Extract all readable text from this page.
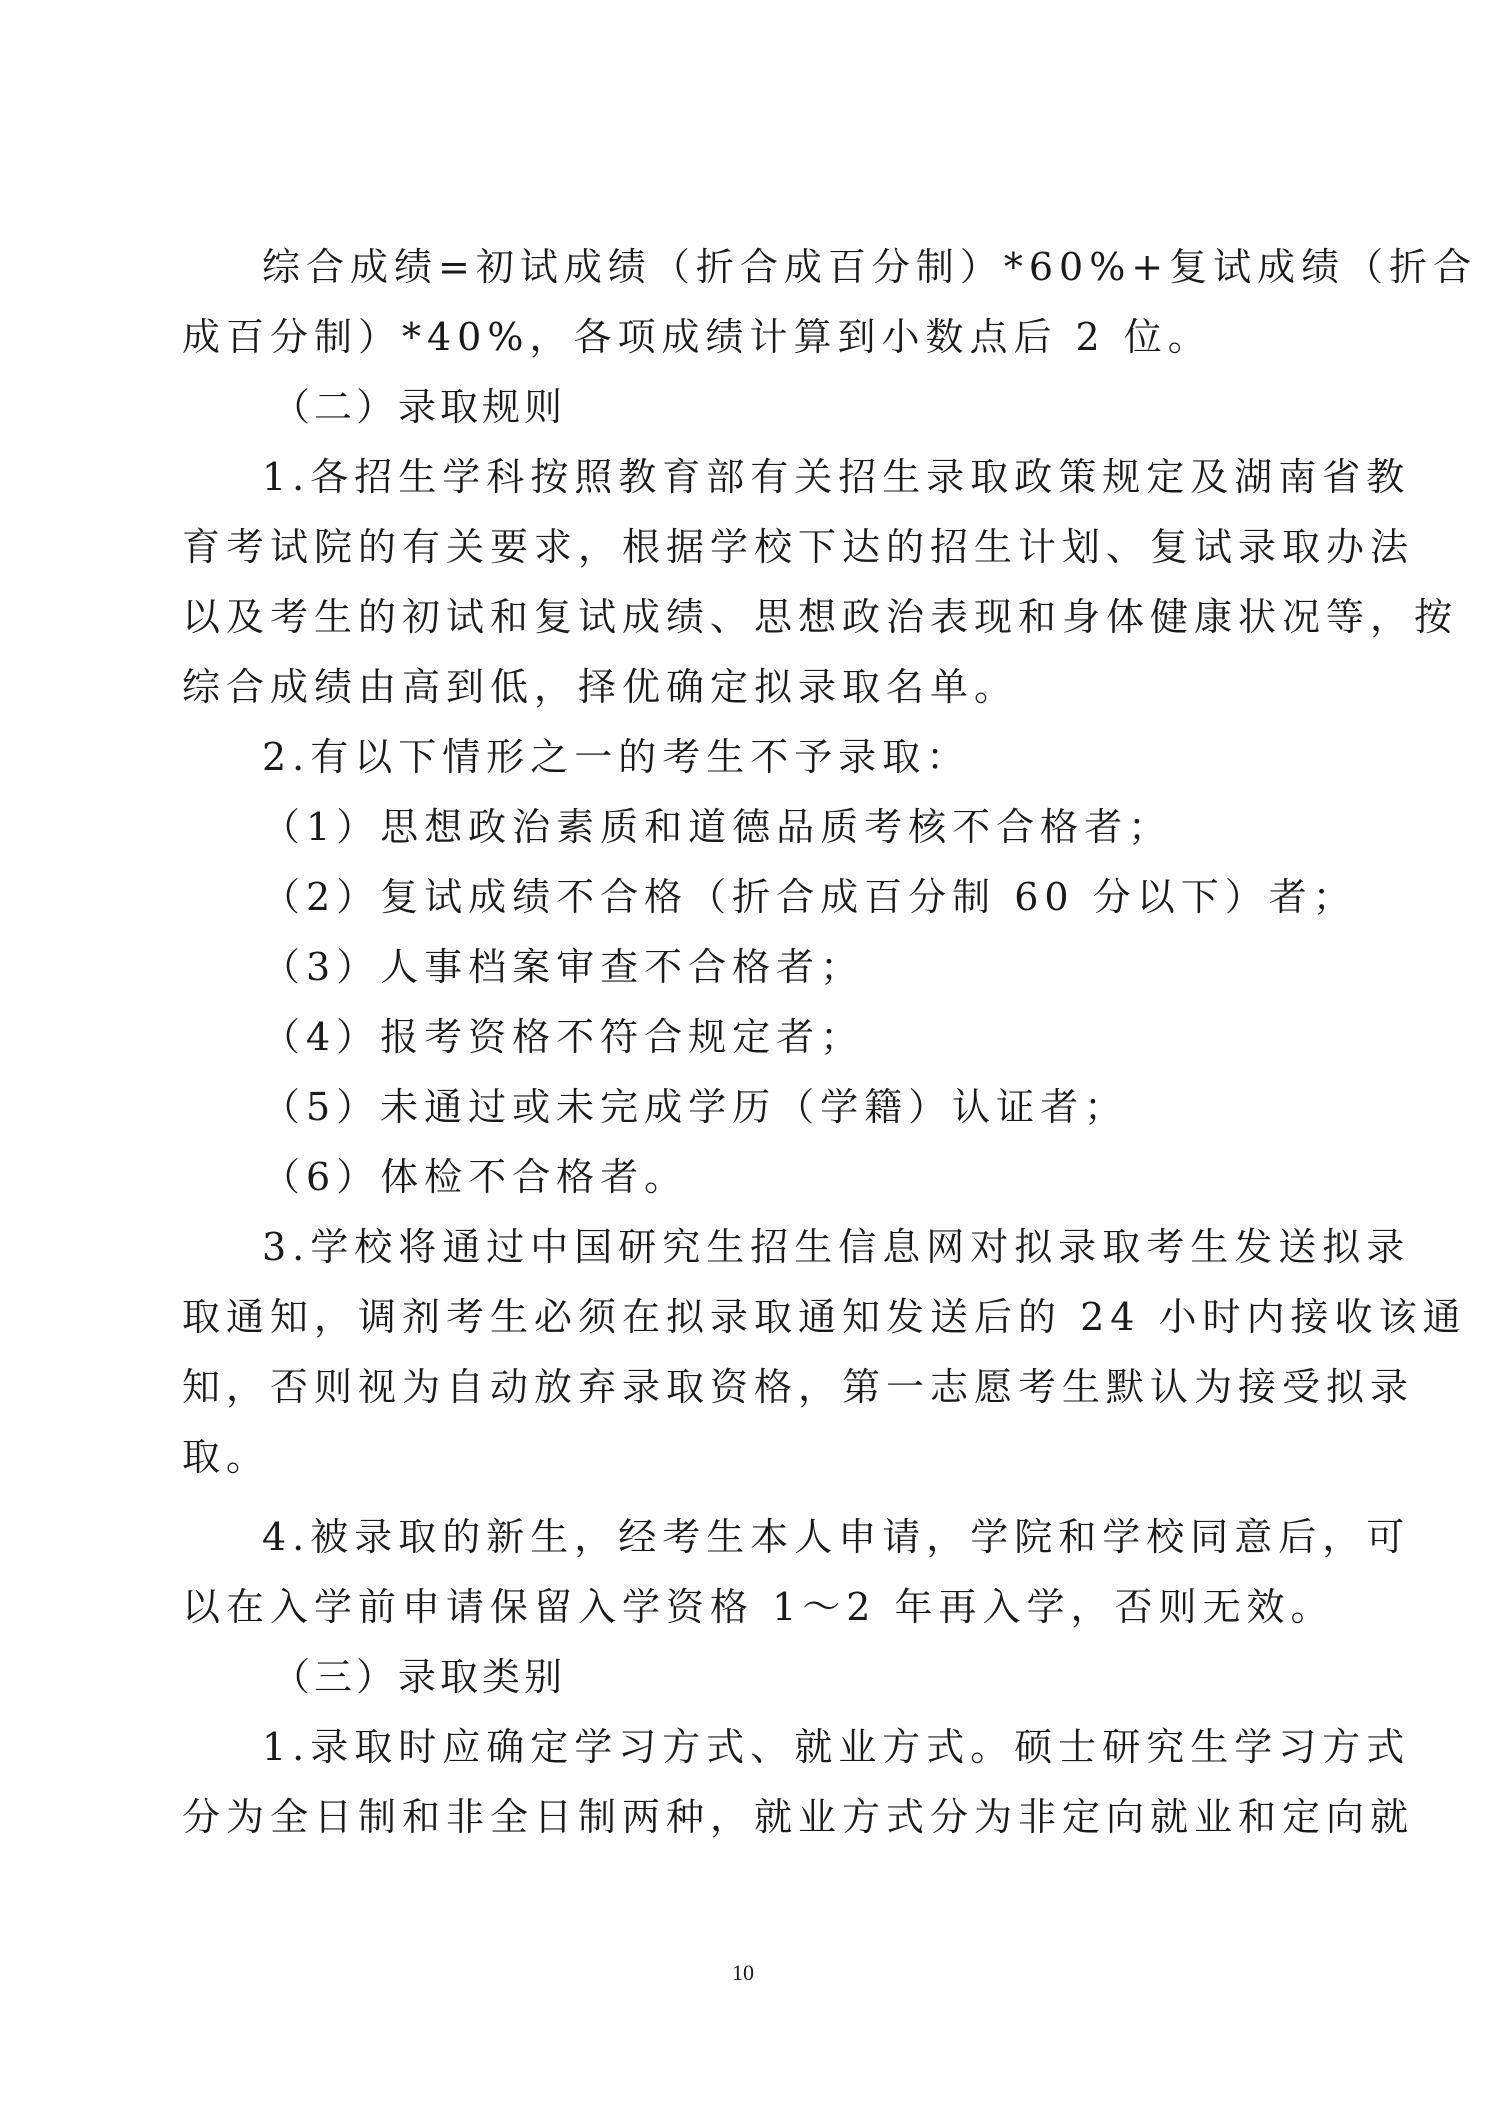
综合成绩=初试成绩（折合成百分制）*60%+复试成绩（折合
成百分制）*40%，各项成绩计算到小数点后 2 位。
（二）录取规则
1.各招生学科按照教育部有关招生录取政策规定及湖南省教
育考试院的有关要求，根据学校下达的招生计划、复试录取办法
以及考生的初试和复试成绩、思想政治表现和身体健康状况等，按
综合成绩由高到低，择优确定拟录取名单。
2.有以下情形之一的考生不予录取：
（1）思想政治素质和道德品质考核不合格者；
（2）复试成绩不合格（折合成百分制 60 分以下）者；
（3）人事档案审查不合格者；
（4）报考资格不符合规定者；
（5）未通过或未完成学历（学籍）认证者；
（6）体检不合格者。
3.学校将通过中国研究生招生信息网对拟录取考生发送拟录
取通知，调剂考生必须在拟录取通知发送后的 24 小时内接收该通
知，否则视为自动放弃录取资格，第一志愿考生默认为接受拟录
取。
4.被录取的新生，经考生本人申请，学院和学校同意后，可
以在入学前申请保留入学资格 1～2 年再入学，否则无效。
（三）录取类别
1.录取时应确定学习方式、就业方式。硕士研究生学习方式
分为全日制和非全日制两种，就业方式分为非定向就业和定向就
10
